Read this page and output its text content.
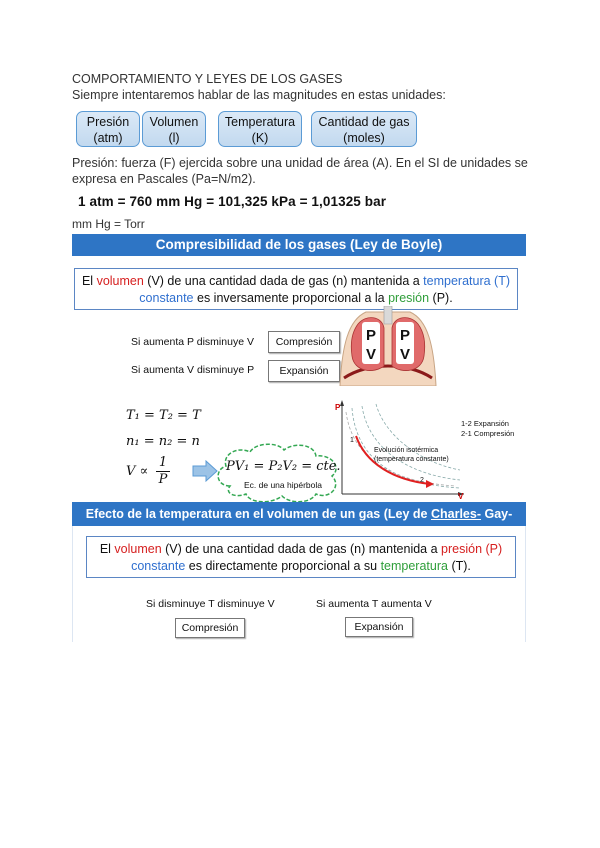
COMPORTAMIENTO Y LEYES DE LOS GASES
Siempre intentaremos hablar de las magnitudes en estas unidades:
Presión
(atm)
Volumen
(l)
Temperatura
(K)
Cantidad de gas
(moles)
Presión: fuerza (F) ejercida sobre una unidad de área (A). En el SI de unidades se
expresa en Pascales (Pa=N/m2).
1 atm = 760 mm Hg = 101,325 kPa = 1,01325 bar
mm Hg = Torr
Compresibilidad de los gases (Ley de Boyle)
El volumen (V) de una cantidad dada de gas (n) mantenida a temperatura (T)
constante es inversamente proporcional a la presión (P).
Si aumenta P disminuye V
Si aumenta V disminuye P
Compresión
Expansión
P
V
P
V
T₁ = T₂ = T
n₁ = n₂ = n
$V \propto \frac{1}{P}$	PV₁ = P₂V₂ = cte.
Ec. de una hipérbola
P
V
1
2
Evolución isotérmica
(temperatura constante)
1-2 Expansión
2-1 Compresión
Efecto de la temperatura en el volumen de un gas (Ley de Charles- Gay-
El volumen (V) de una cantidad dada de gas (n) mantenida a presión (P)
constante es directamente proporcional a su temperatura (T).
Si disminuye T disminuye V	Si aumenta T aumenta V
Compresión	Expansión
